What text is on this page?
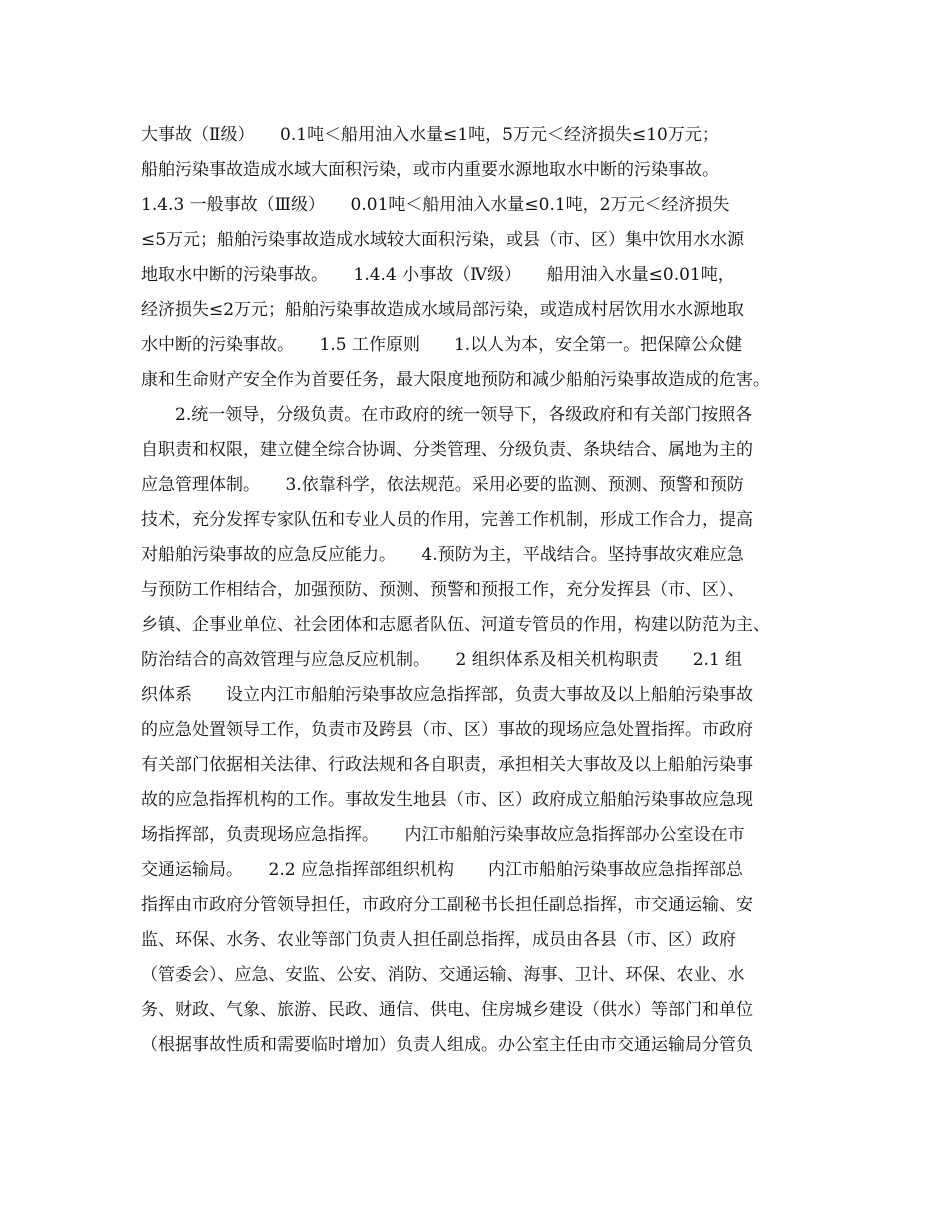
大事故（Ⅱ级）　　0.1吨＜船用油入水量≤1吨，5万元＜经济损失≤10万元；
船舶污染事故造成水域大面积污染，或市内重要水源地取水中断的污染事故。
1.4.3 一般事故（Ⅲ级）　　0.01吨＜船用油入水量≤0.1吨，2万元＜经济损失
≤5万元；船舶污染事故造成水域较大面积污染，或县（市、区）集中饮用水水源
地取水中断的污染事故。　　1.4.4 小事故（Ⅳ级）　　船用油入水量≤0.01吨，
经济损失≤2万元；船舶污染事故造成水域局部污染，或造成村居饮用水水源地取
水中断的污染事故。　　1.5 工作原则　　1.以人为本，安全第一。把保障公众健
康和生命财产安全作为首要任务，最大限度地预防和减少船舶污染事故造成的危害。
　　2.统一领导，分级负责。在市政府的统一领导下，各级政府和有关部门按照各
自职责和权限，建立健全综合协调、分类管理、分级负责、条块结合、属地为主的
应急管理体制。　　3.依靠科学，依法规范。采用必要的监测、预测、预警和预防
技术，充分发挥专家队伍和专业人员的作用，完善工作机制，形成工作合力，提高
对船舶污染事故的应急反应能力。　　4.预防为主，平战结合。坚持事故灾难应急
与预防工作相结合，加强预防、预测、预警和预报工作，充分发挥县（市、区）、
乡镇、企事业单位、社会团体和志愿者队伍、河道专管员的作用，构建以防范为主、
防治结合的高效管理与应急反应机制。　　2 组织体系及相关机构职责　　2.1 组
织体系　　设立内江市船舶污染事故应急指挥部，负责大事故及以上船舶污染事故
的应急处置领导工作，负责市及跨县（市、区）事故的现场应急处置指挥。市政府
有关部门依据相关法律、行政法规和各自职责，承担相关大事故及以上船舶污染事
故的应急指挥机构的工作。事故发生地县（市、区）政府成立船舶污染事故应急现
场指挥部，负责现场应急指挥。　　内江市船舶污染事故应急指挥部办公室设在市
交通运输局。　　2.2 应急指挥部组织机构　　内江市船舶污染事故应急指挥部总
指挥由市政府分管领导担任，市政府分工副秘书长担任副总指挥，市交通运输、安
监、环保、水务、农业等部门负责人担任副总指挥，成员由各县（市、区）政府
（管委会）、应急、安监、公安、消防、交通运输、海事、卫计、环保、农业、水
务、财政、气象、旅游、民政、通信、供电、住房城乡建设（供水）等部门和单位
（根据事故性质和需要临时增加）负责人组成。办公室主任由市交通运输局分管负
